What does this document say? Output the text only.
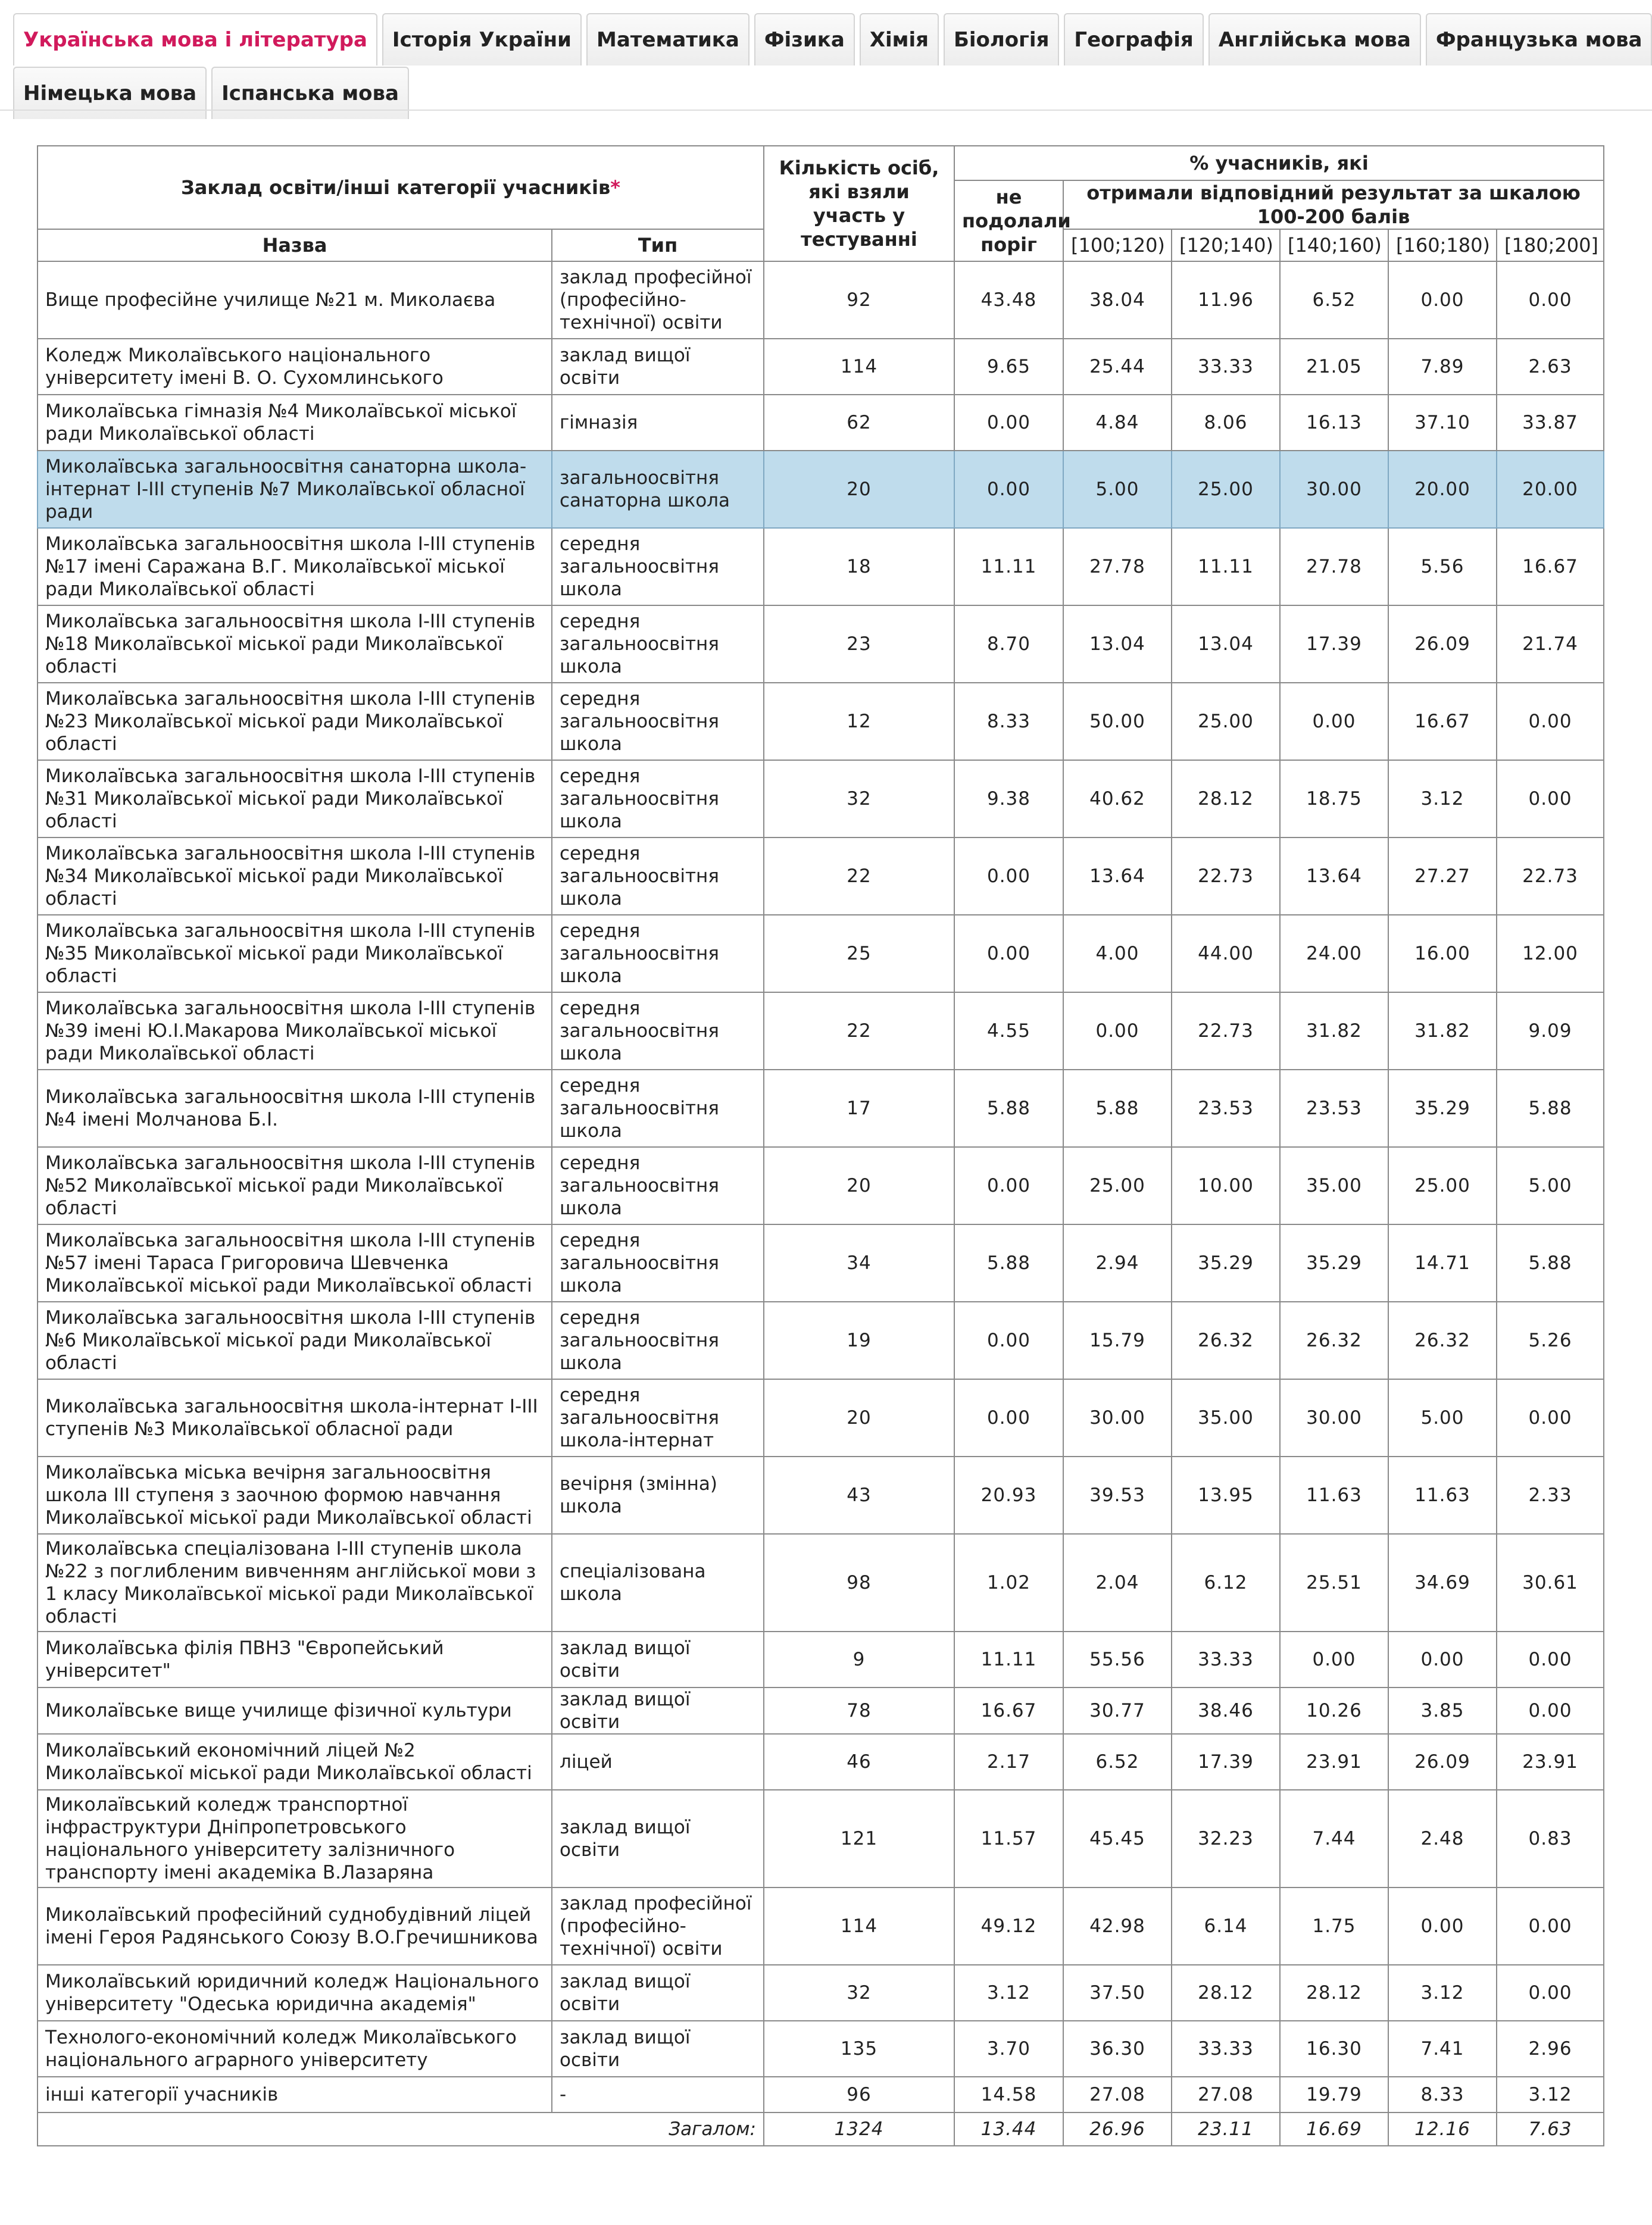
Українська мова і література	Історія України	Математика	Фізика	Хімія	Біологія	Географія	Англійська мова	Французька мова
Німецька мова	Іспанська мова
Заклад освіти/інші категорії учасників*		Кількість осіб, які взяли участь у тестуванні	% учасників, які					
			не подолали поріг	отримали відповідний результат за шкалою 100-200 балів				
Назва	Тип			[100;120)	[120;140)	[140;160)	[160;180)	[180;200]
Вище професійне училище №21 м. Миколаєва	заклад професійної (професійно-технічної) освіти	92	43.48	38.04	11.96	6.52	0.00	0.00
Коледж Миколаївського національного університету імені В. О. Сухомлинського	заклад вищої освіти	114	9.65	25.44	33.33	21.05	7.89	2.63
Миколаївська гімназія №4 Миколаївської міської ради Миколаївської області	гімназія	62	0.00	4.84	8.06	16.13	37.10	33.87
Миколаївська загальноосвітня санаторна школа-інтернат І-ІІІ ступенів №7 Миколаївської обласної ради	загальноосвітня санаторна школа	20	0.00	5.00	25.00	30.00	20.00	20.00
Миколаївська загальноосвітня школа І-ІІІ ступенів №17 імені Саражана В.Г. Миколаївської міської ради Миколаївської області	середня загальноосвітня школа	18	11.11	27.78	11.11	27.78	5.56	16.67
Миколаївська загальноосвітня школа І-ІІІ ступенів №18 Миколаївської міської ради Миколаївської області	середня загальноосвітня школа	23	8.70	13.04	13.04	17.39	26.09	21.74
Миколаївська загальноосвітня школа І-ІІІ ступенів №23 Миколаївської міської ради Миколаївської області	середня загальноосвітня школа	12	8.33	50.00	25.00	0.00	16.67	0.00
Миколаївська загальноосвітня школа І-ІІІ ступенів №31 Миколаївської міської ради Миколаївської області	середня загальноосвітня школа	32	9.38	40.62	28.12	18.75	3.12	0.00
Миколаївська загальноосвітня школа І-ІІІ ступенів №34 Миколаївської міської ради Миколаївської області	середня загальноосвітня школа	22	0.00	13.64	22.73	13.64	27.27	22.73
Миколаївська загальноосвітня школа І-ІІІ ступенів №35 Миколаївської міської ради Миколаївської області	середня загальноосвітня школа	25	0.00	4.00	44.00	24.00	16.00	12.00
Миколаївська загальноосвітня школа І-ІІІ ступенів №39 імені Ю.І.Макарова Миколаївської міської ради Миколаївської області	середня загальноосвітня школа	22	4.55	0.00	22.73	31.82	31.82	9.09
Миколаївська загальноосвітня школа І-ІІІ ступенів №4 імені Молчанова Б.І.	середня загальноосвітня школа	17	5.88	5.88	23.53	23.53	35.29	5.88
Миколаївська загальноосвітня школа І-ІІІ ступенів №52 Миколаївської міської ради Миколаївської області	середня загальноосвітня школа	20	0.00	25.00	10.00	35.00	25.00	5.00
Миколаївська загальноосвітня школа І-ІІІ ступенів №57 імені Тараса Григоровича Шевченка Миколаївської міської ради Миколаївської області	середня загальноосвітня школа	34	5.88	2.94	35.29	35.29	14.71	5.88
Миколаївська загальноосвітня школа І-ІІІ ступенів №6 Миколаївської міської ради Миколаївської області	середня загальноосвітня школа	19	0.00	15.79	26.32	26.32	26.32	5.26
Миколаївська загальноосвітня школа-інтернат І-ІІІ ступенів №3 Миколаївської обласної ради	середня загальноосвітня школа-інтернат	20	0.00	30.00	35.00	30.00	5.00	0.00
Миколаївська міська вечірня загальноосвітня школа ІІІ ступеня з заочною формою навчання Миколаївської міської ради Миколаївської області	вечірня (змінна) школа	43	20.93	39.53	13.95	11.63	11.63	2.33
Миколаївська спеціалізована І-ІІІ ступенів школа №22 з поглибленим вивченням англійської мови з 1 класу Миколаївської міської ради Миколаївської області	спеціалізована школа	98	1.02	2.04	6.12	25.51	34.69	30.61
Миколаївська філія ПВНЗ "Європейський університет"	заклад вищої освіти	9	11.11	55.56	33.33	0.00	0.00	0.00
Миколаївське вище училище фізичної культури	заклад вищої освіти	78	16.67	30.77	38.46	10.26	3.85	0.00
Миколаївський економічний ліцей №2 Миколаївської міської ради Миколаївської області	ліцей	46	2.17	6.52	17.39	23.91	26.09	23.91
Миколаївський коледж транспортної інфраструктури Дніпропетровського національного університету залізничного транспорту імені академіка В.Лазаряна	заклад вищої освіти	121	11.57	45.45	32.23	7.44	2.48	0.83
Миколаївський професійний суднобудівний ліцей імені Героя Радянського Союзу В.О.Гречишникова	заклад професійної (професійно-технічної) освіти	114	49.12	42.98	6.14	1.75	0.00	0.00
Миколаївський юридичний коледж Національного університету "Одеська юридична академія"	заклад вищої освіти	32	3.12	37.50	28.12	28.12	3.12	0.00
Технолого-економічний коледж Миколаївського національного аграрного університету	заклад вищої освіти	135	3.70	36.30	33.33	16.30	7.41	2.96
інші категорії учасників	-	96	14.58	27.08	27.08	19.79	8.33	3.12
Загалом:		1324	13.44	26.96	23.11	16.69	12.16	7.63
